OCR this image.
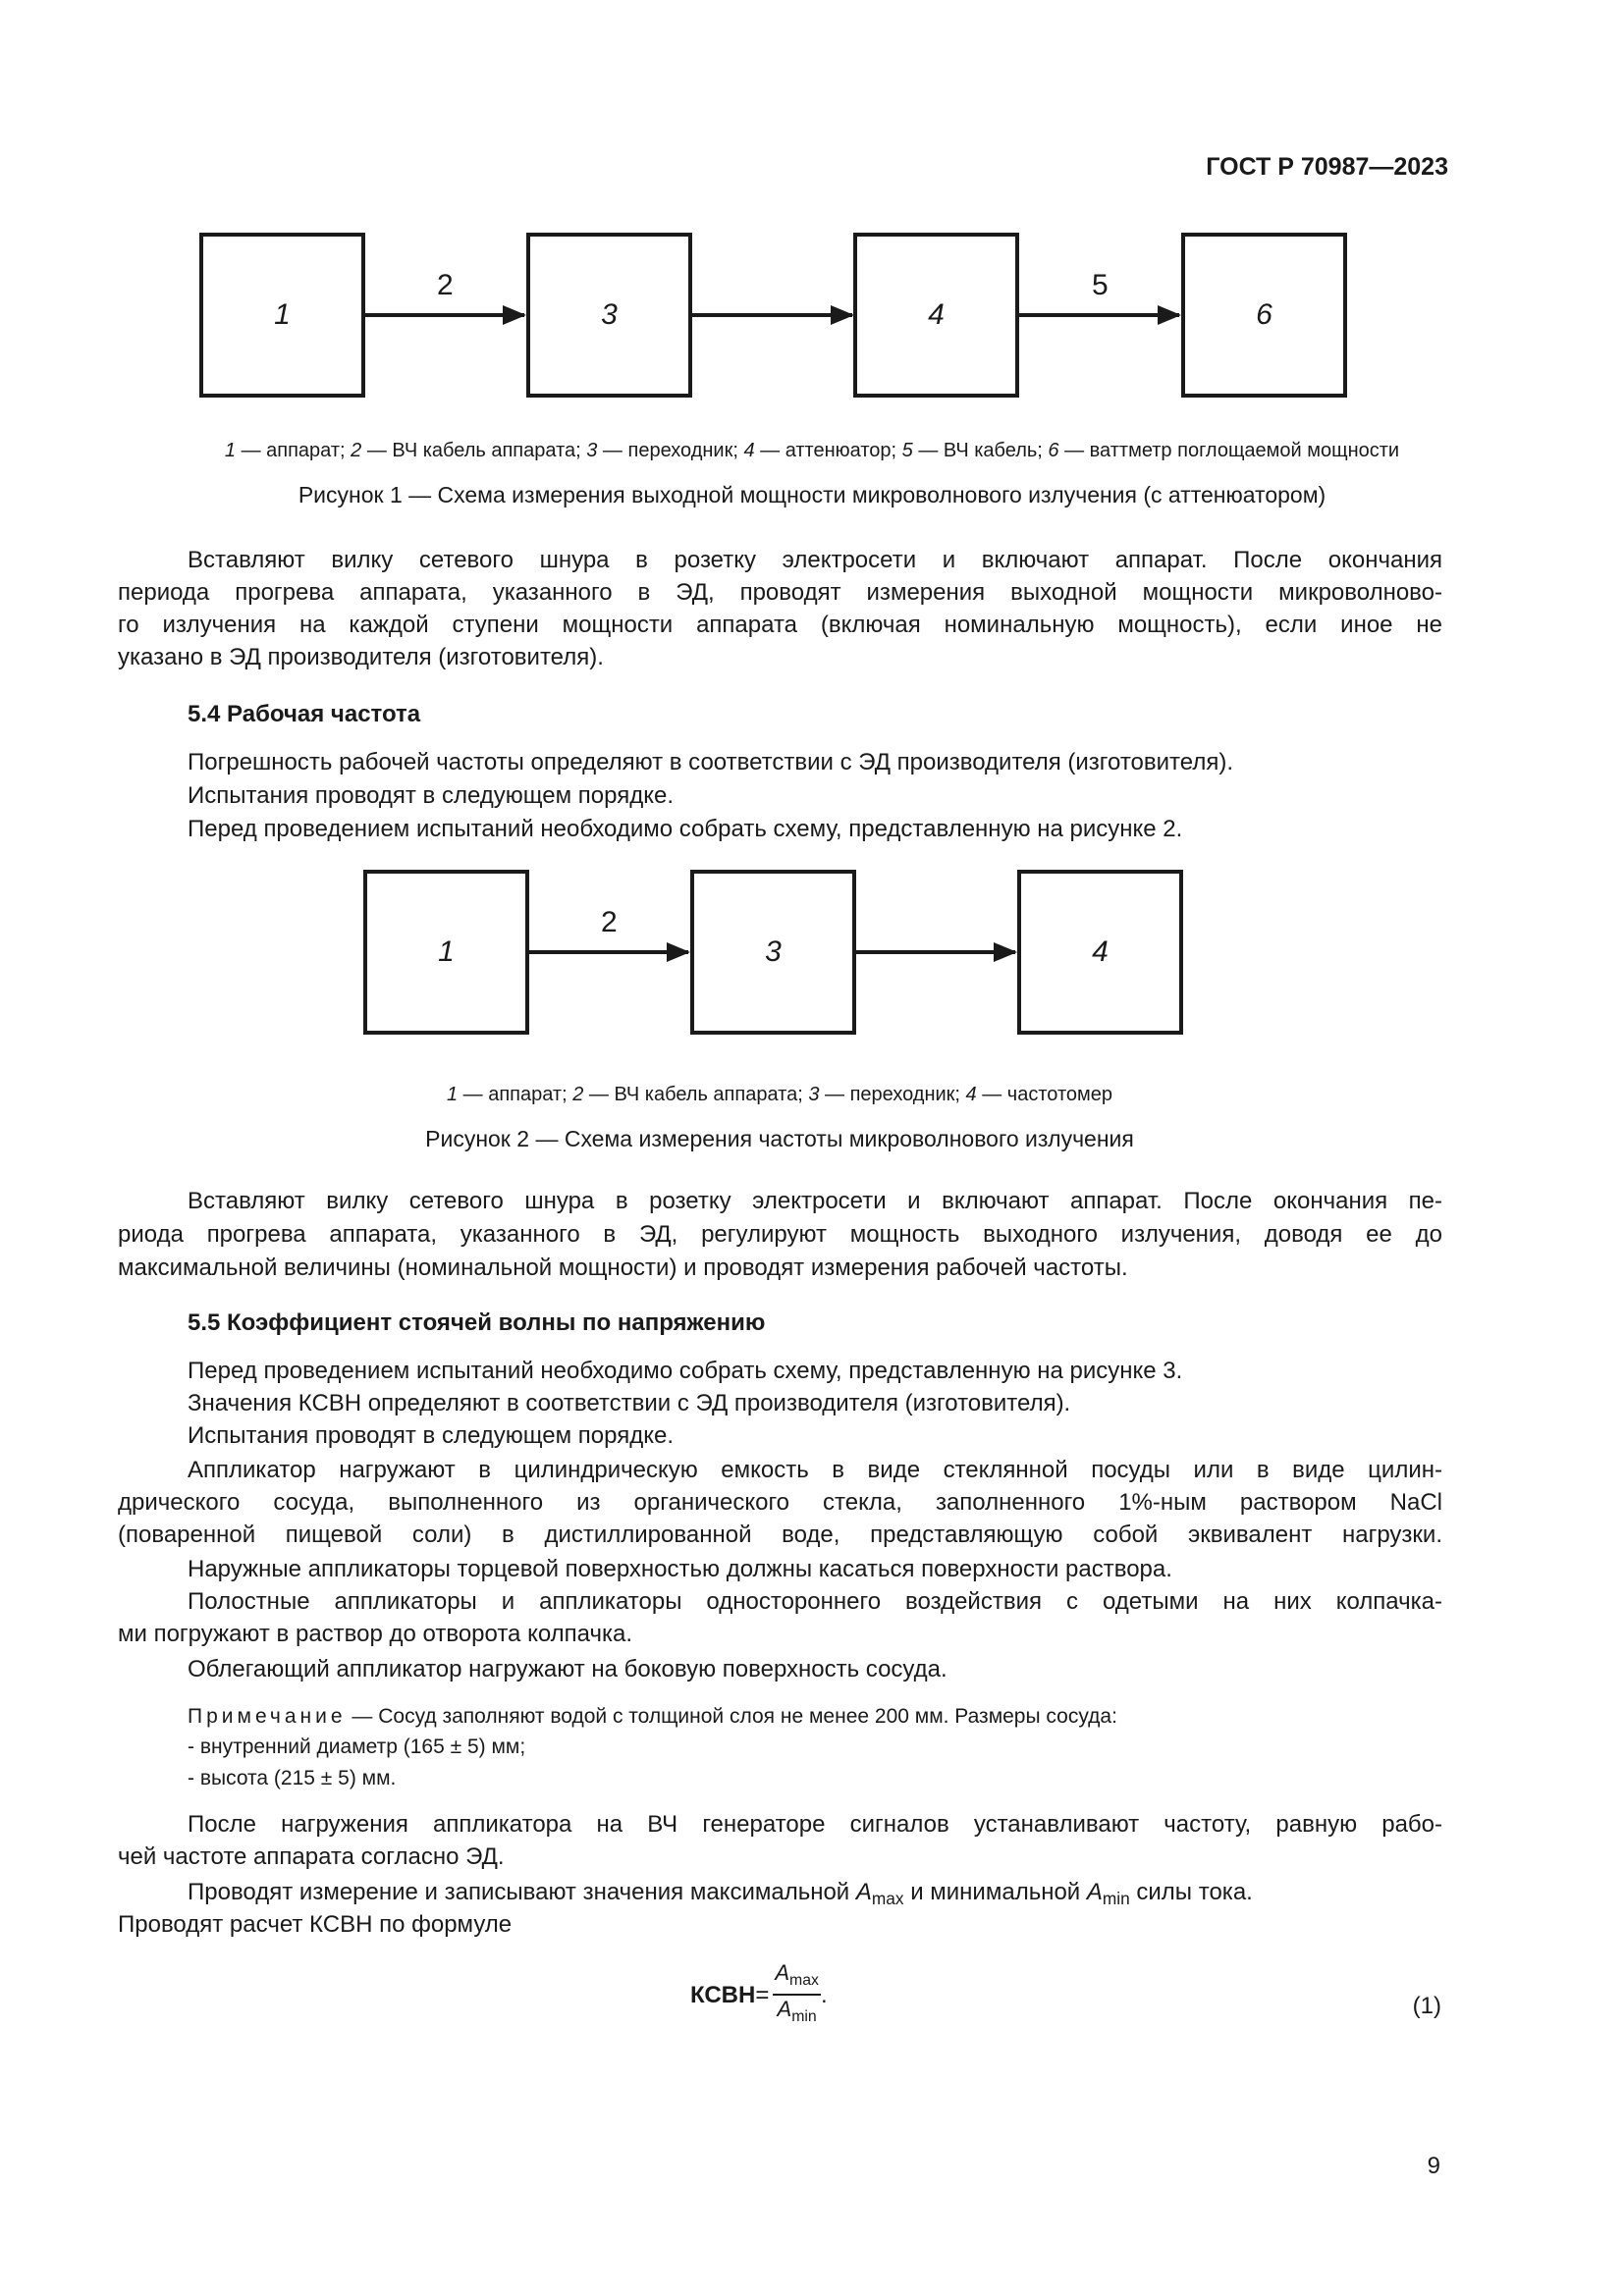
ГОСТ Р 70987—2023
1
2
3	4
5
6
1 — аппарат; 2 — ВЧ кабель аппарата; 3 — переходник; 4 — аттенюатор; 5 — ВЧ кабель; 6 — ваттметр поглощаемой мощности
Рисунок 1 — Схема измерения выходной мощности микроволнового излучения (с аттенюатором)
Вставляют вилку сетевого шнура в розетку электросети и включают аппарат. После окончания
периода прогрева аппарата, указанного в ЭД, проводят измерения выходной мощности микроволново-
го излучения на каждой ступени мощности аппарата (включая номинальную мощность), если иное не
указано в ЭД производителя (изготовителя).
5.4 Рабочая частота
Погрешность рабочей частоты определяют в соответствии с ЭД производителя (изготовителя).
Испытания проводят в следующем порядке.
Перед проведением испытаний необходимо собрать схему, представленную на рисунке 2.
1
2
3	4
1 — аппарат; 2 — ВЧ кабель аппарата; 3 — переходник; 4 — частотомер
Рисунок 2 — Схема измерения частоты микроволнового излучения
Вставляют вилку сетевого шнура в розетку электросети и включают аппарат. После окончания пе-
риода прогрева аппарата, указанного в ЭД, регулируют мощность выходного излучения, доводя ее до
максимальной величины (номинальной мощности) и проводят измерения рабочей частоты.
5.5 Коэффициент стоячей волны по напряжению
Перед проведением испытаний необходимо собрать схему, представленную на рисунке 3.
Значения КСВН определяют в соответствии с ЭД производителя (изготовителя).
Испытания проводят в следующем порядке.
Аппликатор нагружают в цилиндрическую емкость в виде стеклянной посуды или в виде цилин-
дрического сосуда, выполненного из органического стекла, заполненного 1%-ным раствором NaCl
(поваренной пищевой соли) в дистиллированной воде, представляющую собой эквивалент нагрузки.
Наружные аппликаторы торцевой поверхностью должны касаться поверхности раствора.
Полостные аппликаторы и аппликаторы одностороннего воздействия с одетыми на них колпачка-
ми погружают в раствор до отворота колпачка.
Облегающий аппликатор нагружают на боковую поверхность сосуда.
Примечание — Сосуд заполняют водой с толщиной слоя не менее 200 мм. Размеры сосуда:
- внутренний диаметр (165 ± 5) мм;
- высота (215 ± 5) мм.
После нагружения аппликатора на ВЧ генераторе сигналов устанавливают частоту, равную рабо-
чей частоте аппарата согласно ЭД.
Проводят измерение и записывают значения максимальной $A_{max}$ и минимальной $A_{min}$ силы тока.
Проводят расчет КСВН по формуле
КСВН= $\frac{A_{max}}{A_{min}}$ .	(1)
9
